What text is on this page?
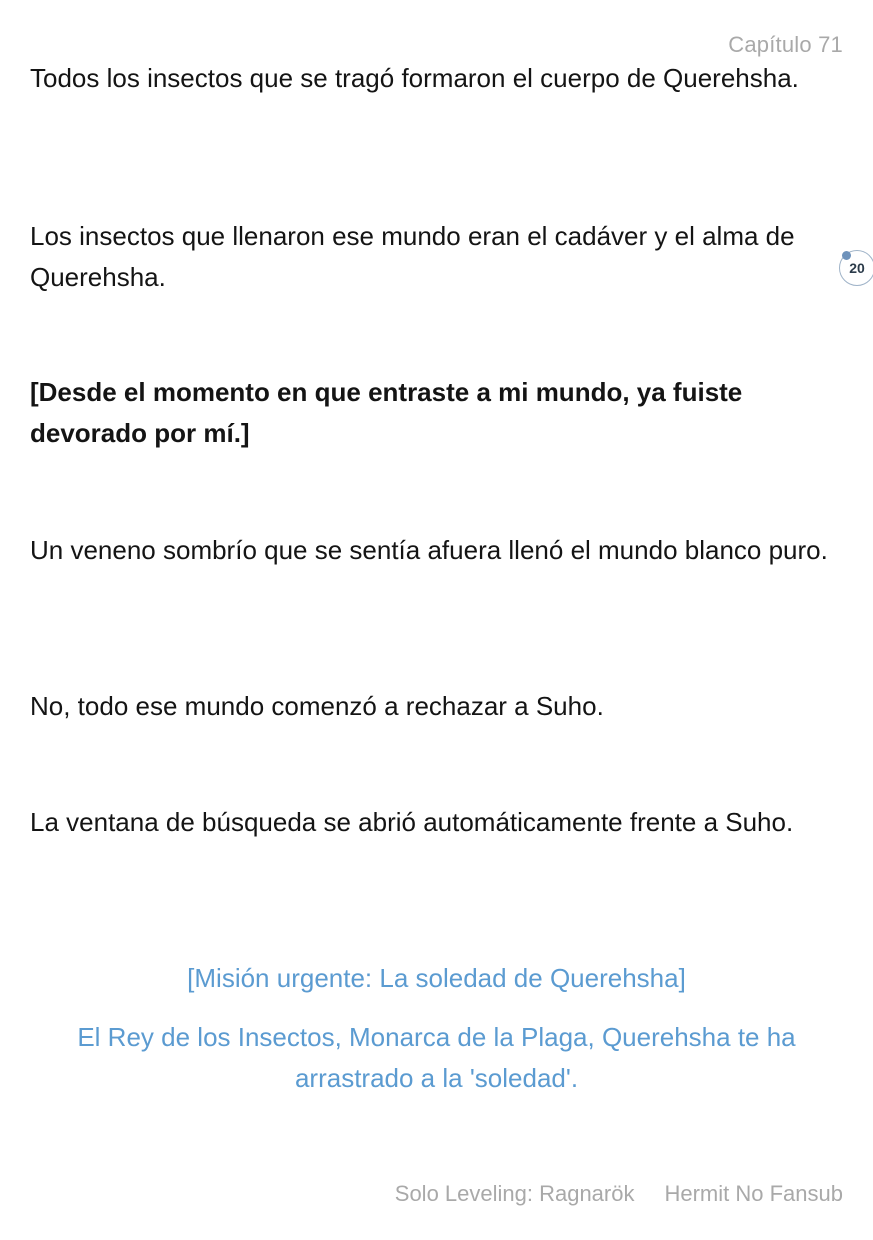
Capítulo 71
20

Todos los insectos que se tragó formaron el cuerpo de Querehsha.

Los insectos que llenaron ese mundo eran el cadáver y el alma de Querehsha.

[Desde el momento en que entraste a mi mundo, ya fuiste devorado por mí.]

Un veneno sombrío que se sentía afuera llenó el mundo blanco puro.

No, todo ese mundo comenzó a rechazar a Suho.

La ventana de búsqueda se abrió automáticamente frente a Suho.

[Misión urgente: La soledad de Querehsha]
El Rey de los Insectos, Monarca de la Plaga, Querehsha te ha arrastrado a la 'soledad'.
Solo Leveling: Ragnarök Hermit No Fansub
